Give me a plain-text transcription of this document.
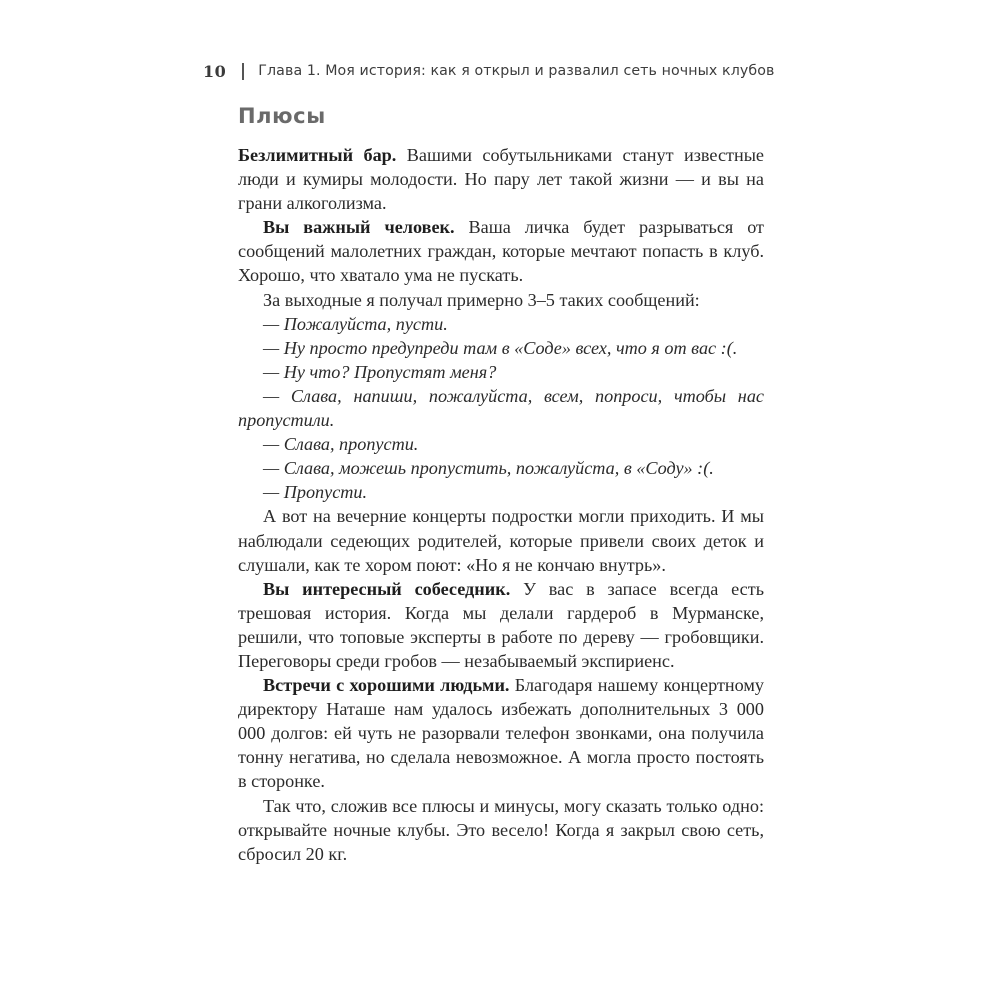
10 Глава 1. Моя история: как я открыл и развалил сеть ночных клубов
Плюсы

Безлимитный бар. Вашими собутыльниками станут известные люди и кумиры молодости. Но пару лет такой жизни — и вы на грани алкоголизма.

Вы важный человек. Ваша личка будет разрываться от сообщений малолетних граждан, которые мечтают попасть в клуб. Хорошо, что хватало ума не пускать.

За выходные я получал примерно 3–5 таких сообщений:

— Пожалуйста, пусти.

— Ну просто предупреди там в «Соде» всех, что я от вас :(.

— Ну что? Пропустят меня?

— Слава, напиши, пожалуйста, всем, попроси, чтобы нас пропустили.

— Слава, пропусти.

— Слава, можешь пропустить, пожалуйста, в «Соду» :(.

— Пропусти.

А вот на вечерние концерты подростки могли приходить. И мы наблюдали седеющих родителей, которые привели своих деток и слушали, как те хором поют: «Но я не кончаю внутрь».

Вы интересный собеседник. У вас в запасе всегда есть трешовая история. Когда мы делали гардероб в Мурманске, решили, что топовые эксперты в работе по дереву — гробовщики. Переговоры среди гробов — незабываемый экспириенс.

Встречи с хорошими людьми. Благодаря нашему концертному директору Наташе нам удалось избежать дополнительных 3 000 000 долгов: ей чуть не разорвали телефон звонками, она получила тонну негатива, но сделала невозможное. А могла просто постоять в сторонке.

Так что, сложив все плюсы и минусы, могу сказать только одно: открывайте ночные клубы. Это весело! Когда я закрыл свою сеть, сбросил 20 кг.
